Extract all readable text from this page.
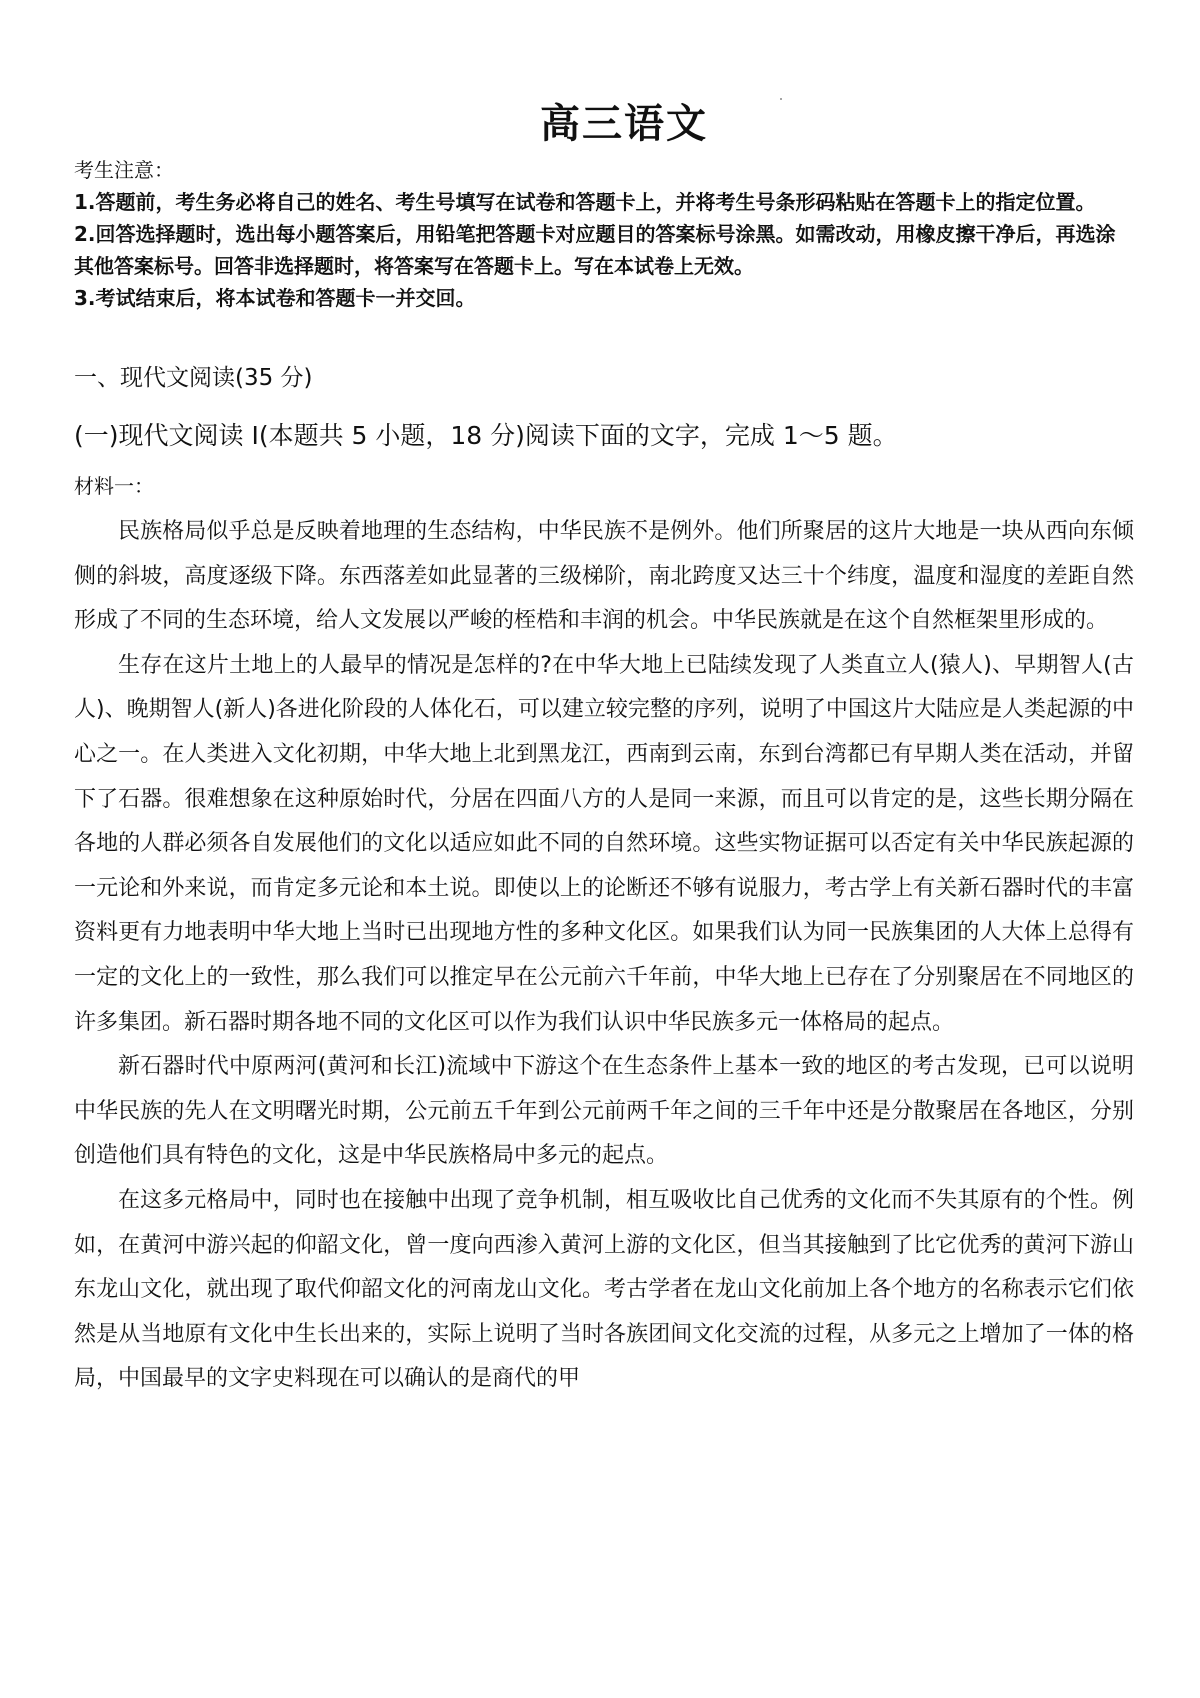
高三语文

考生注意：

1.答题前，考生务必将自己的姓名、考生号填写在试卷和答题卡上，并将考生号条形码粘贴在答题卡上的指定位置。

2.回答选择题时，选出每小题答案后，用铅笔把答题卡对应题目的答案标号涂黑。如需改动，用橡皮擦干净后，再选涂其他答案标号。回答非选择题时，将答案写在答题卡上。写在本试卷上无效。

3.考试结束后，将本试卷和答题卡一并交回。

一、现代文阅读(35 分)
(一)现代文阅读 I(本题共 5 小题，18 分)阅读下面的文字，完成 1～5 题。
材料一：

民族格局似乎总是反映着地理的生态结构，中华民族不是例外。他们所聚居的这片大地是一块从西向东倾侧的斜坡，高度逐级下降。东西落差如此显著的三级梯阶，南北跨度又达三十个纬度，温度和湿度的差距自然形成了不同的生态环境，给人文发展以严峻的桎梏和丰润的机会。中华民族就是在这个自然框架里形成的。

生存在这片土地上的人最早的情况是怎样的?在中华大地上已陆续发现了人类直立人(猿人)、早期智人(古人)、晚期智人(新人)各进化阶段的人体化石，可以建立较完整的序列，说明了中国这片大陆应是人类起源的中心之一。在人类进入文化初期，中华大地上北到黑龙江，西南到云南，东到台湾都已有早期人类在活动，并留下了石器。很难想象在这种原始时代，分居在四面八方的人是同一来源，而且可以肯定的是，这些长期分隔在各地的人群必须各自发展他们的文化以适应如此不同的自然环境。这些实物证据可以否定有关中华民族起源的一元论和外来说，而肯定多元论和本土说。即使以上的论断还不够有说服力，考古学上有关新石器时代的丰富资料更有力地表明中华大地上当时已出现地方性的多种文化区。如果我们认为同一民族集团的人大体上总得有一定的文化上的一致性，那么我们可以推定早在公元前六千年前，中华大地上已存在了分别聚居在不同地区的许多集团。新石器时期各地不同的文化区可以作为我们认识中华民族多元一体格局的起点。

新石器时代中原两河(黄河和长江)流域中下游这个在生态条件上基本一致的地区的考古发现，已可以说明中华民族的先人在文明曙光时期，公元前五千年到公元前两千年之间的三千年中还是分散聚居在各地区，分别创造他们具有特色的文化，这是中华民族格局中多元的起点。

在这多元格局中，同时也在接触中出现了竞争机制，相互吸收比自己优秀的文化而不失其原有的个性。例如，在黄河中游兴起的仰韶文化，曾一度向西渗入黄河上游的文化区，但当其接触到了比它优秀的黄河下游山东龙山文化，就出现了取代仰韶文化的河南龙山文化。考古学者在龙山文化前加上各个地方的名称表示它们依然是从当地原有文化中生长出来的，实际上说明了当时各族团间文化交流的过程，从多元之上增加了一体的格局，中国最早的文字史料现在可以确认的是商代的甲
